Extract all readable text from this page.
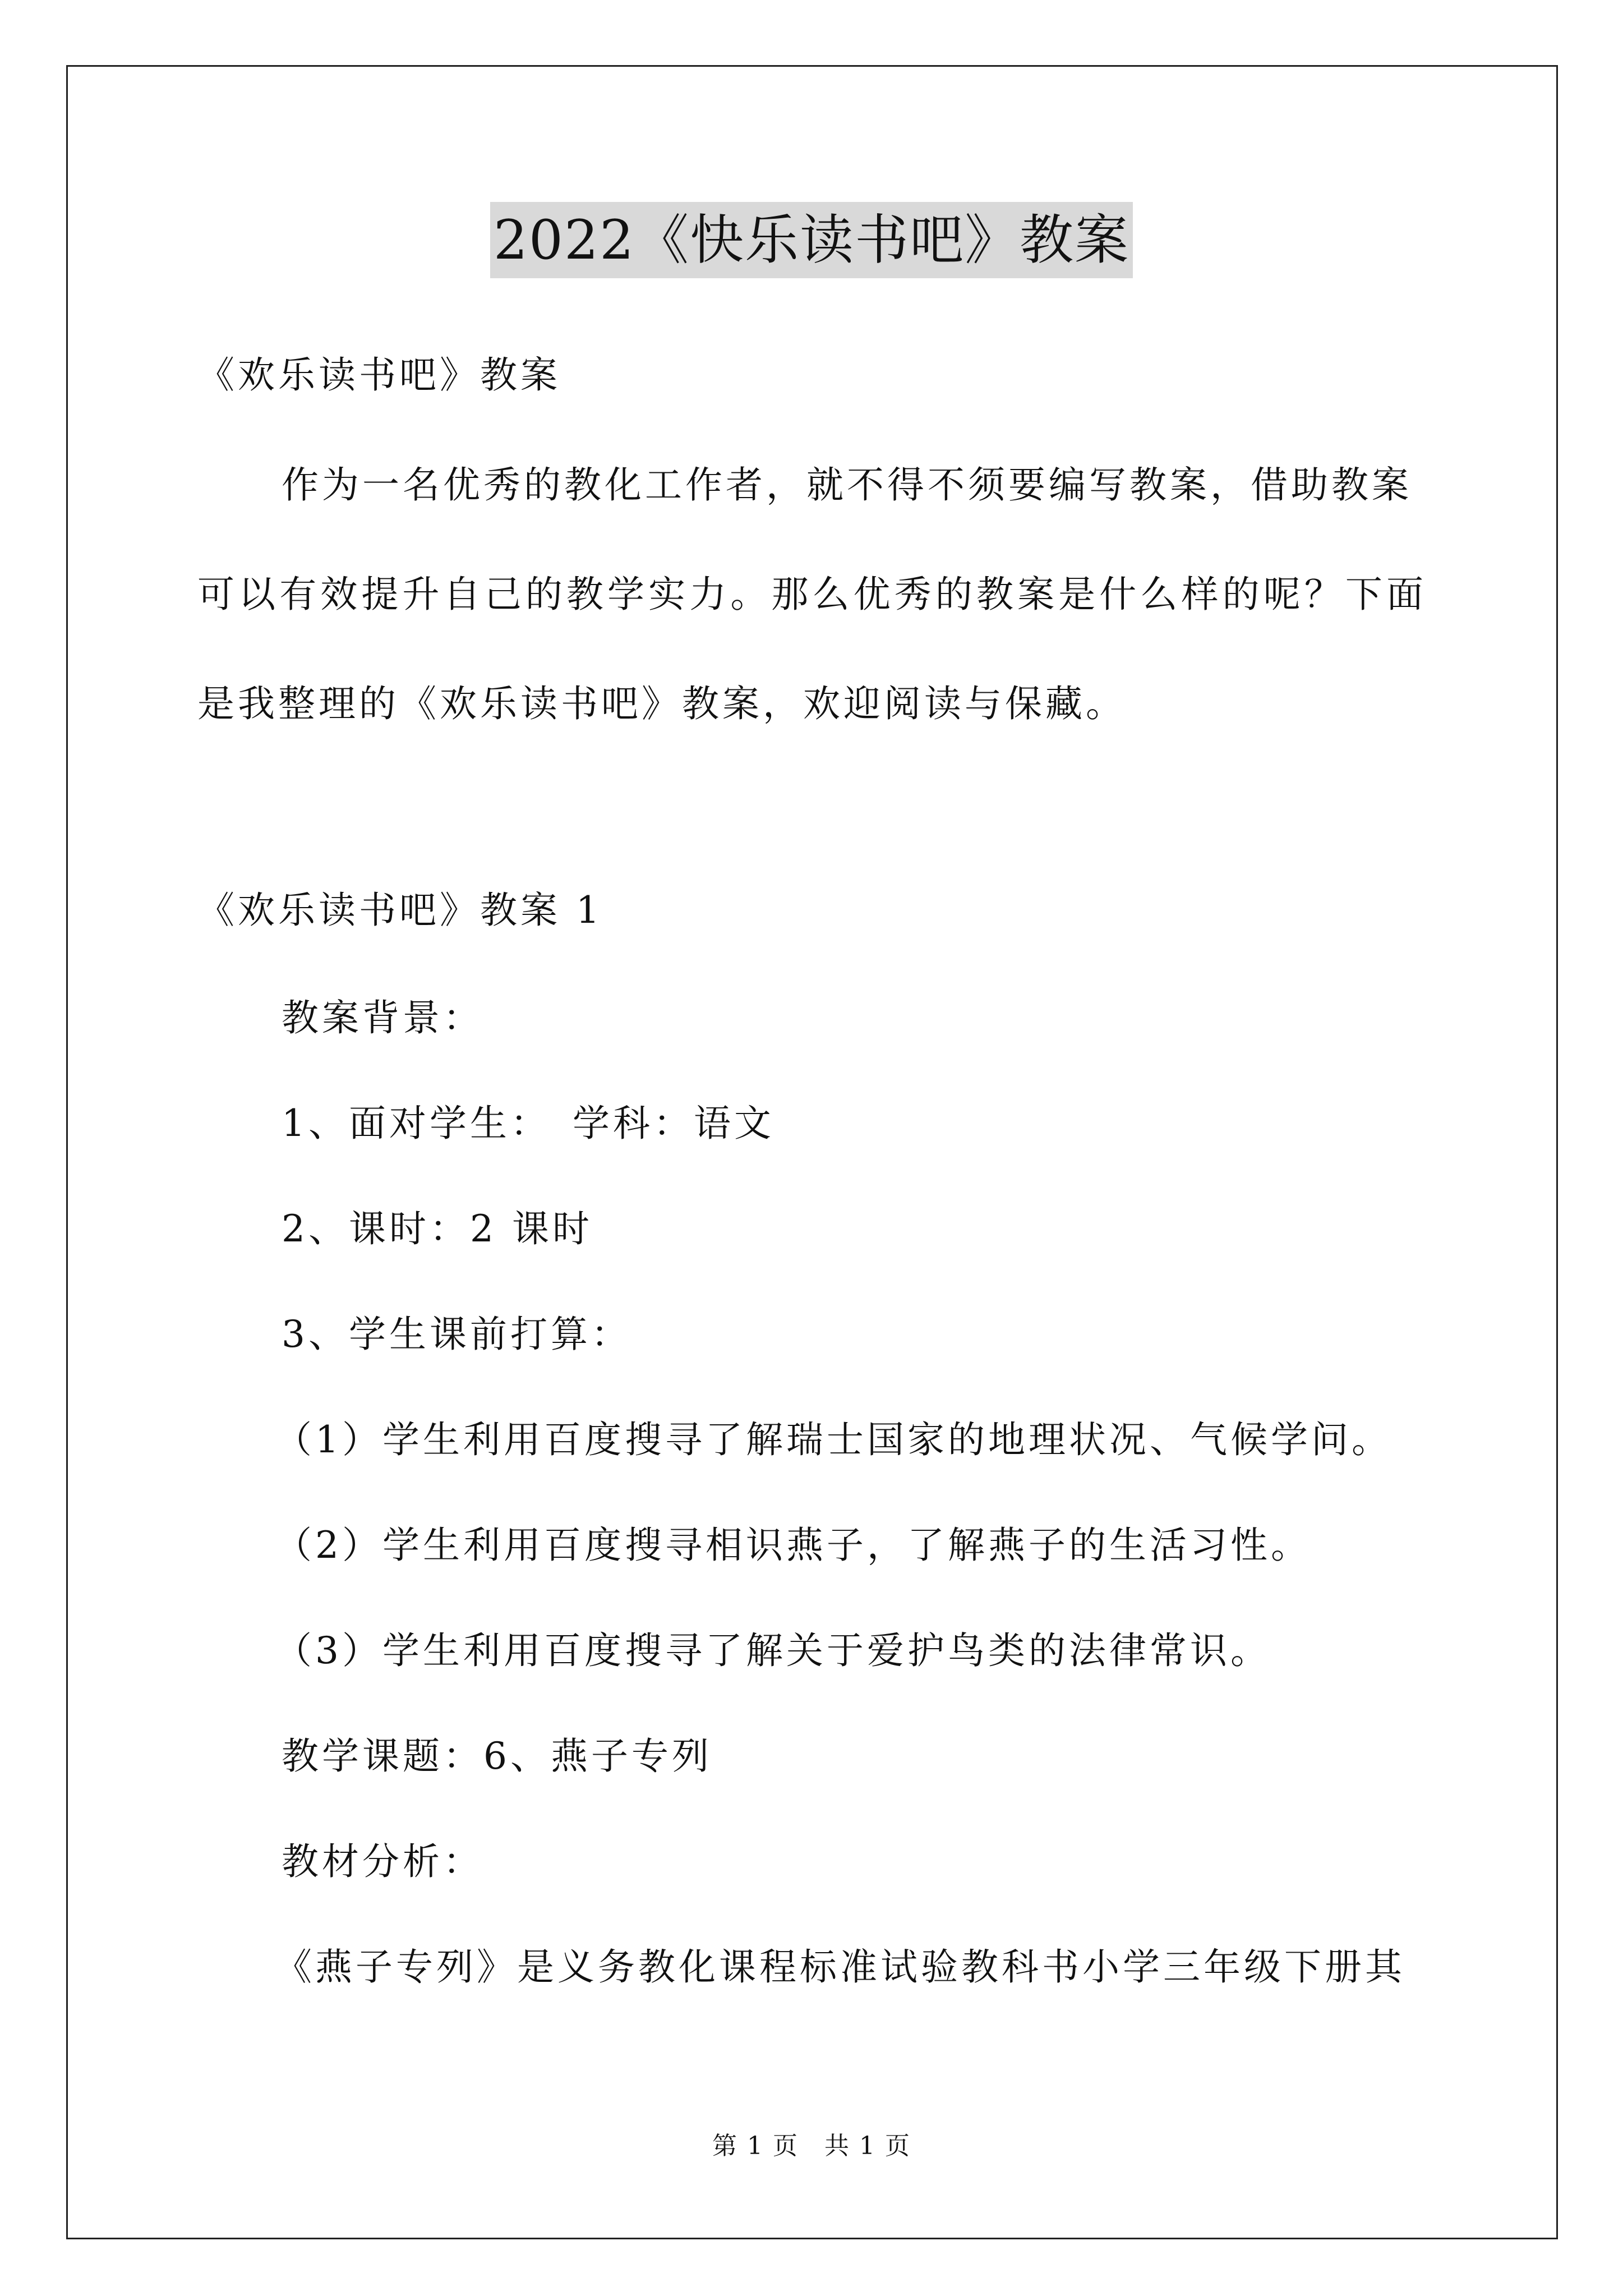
2022《快乐读书吧》教案
《欢乐读书吧》教案
作为一名优秀的教化工作者，就不得不须要编写教案，借助教案
可以有效提升自己的教学实力。那么优秀的教案是什么样的呢？下面
是我整理的《欢乐读书吧》教案，欢迎阅读与保藏。
《欢乐读书吧》教案 1
教案背景：
1、面对学生：　学科：语文
2、课时：2 课时
3、学生课前打算：
（1）学生利用百度搜寻了解瑞士国家的地理状况、气候学问。
（2）学生利用百度搜寻相识燕子，了解燕子的生活习性。
（3）学生利用百度搜寻了解关于爱护鸟类的法律常识。
教学课题：6、燕子专列
教材分析：
《燕子专列》是义务教化课程标准试验教科书小学三年级下册其
第 1 页　共 1 页
